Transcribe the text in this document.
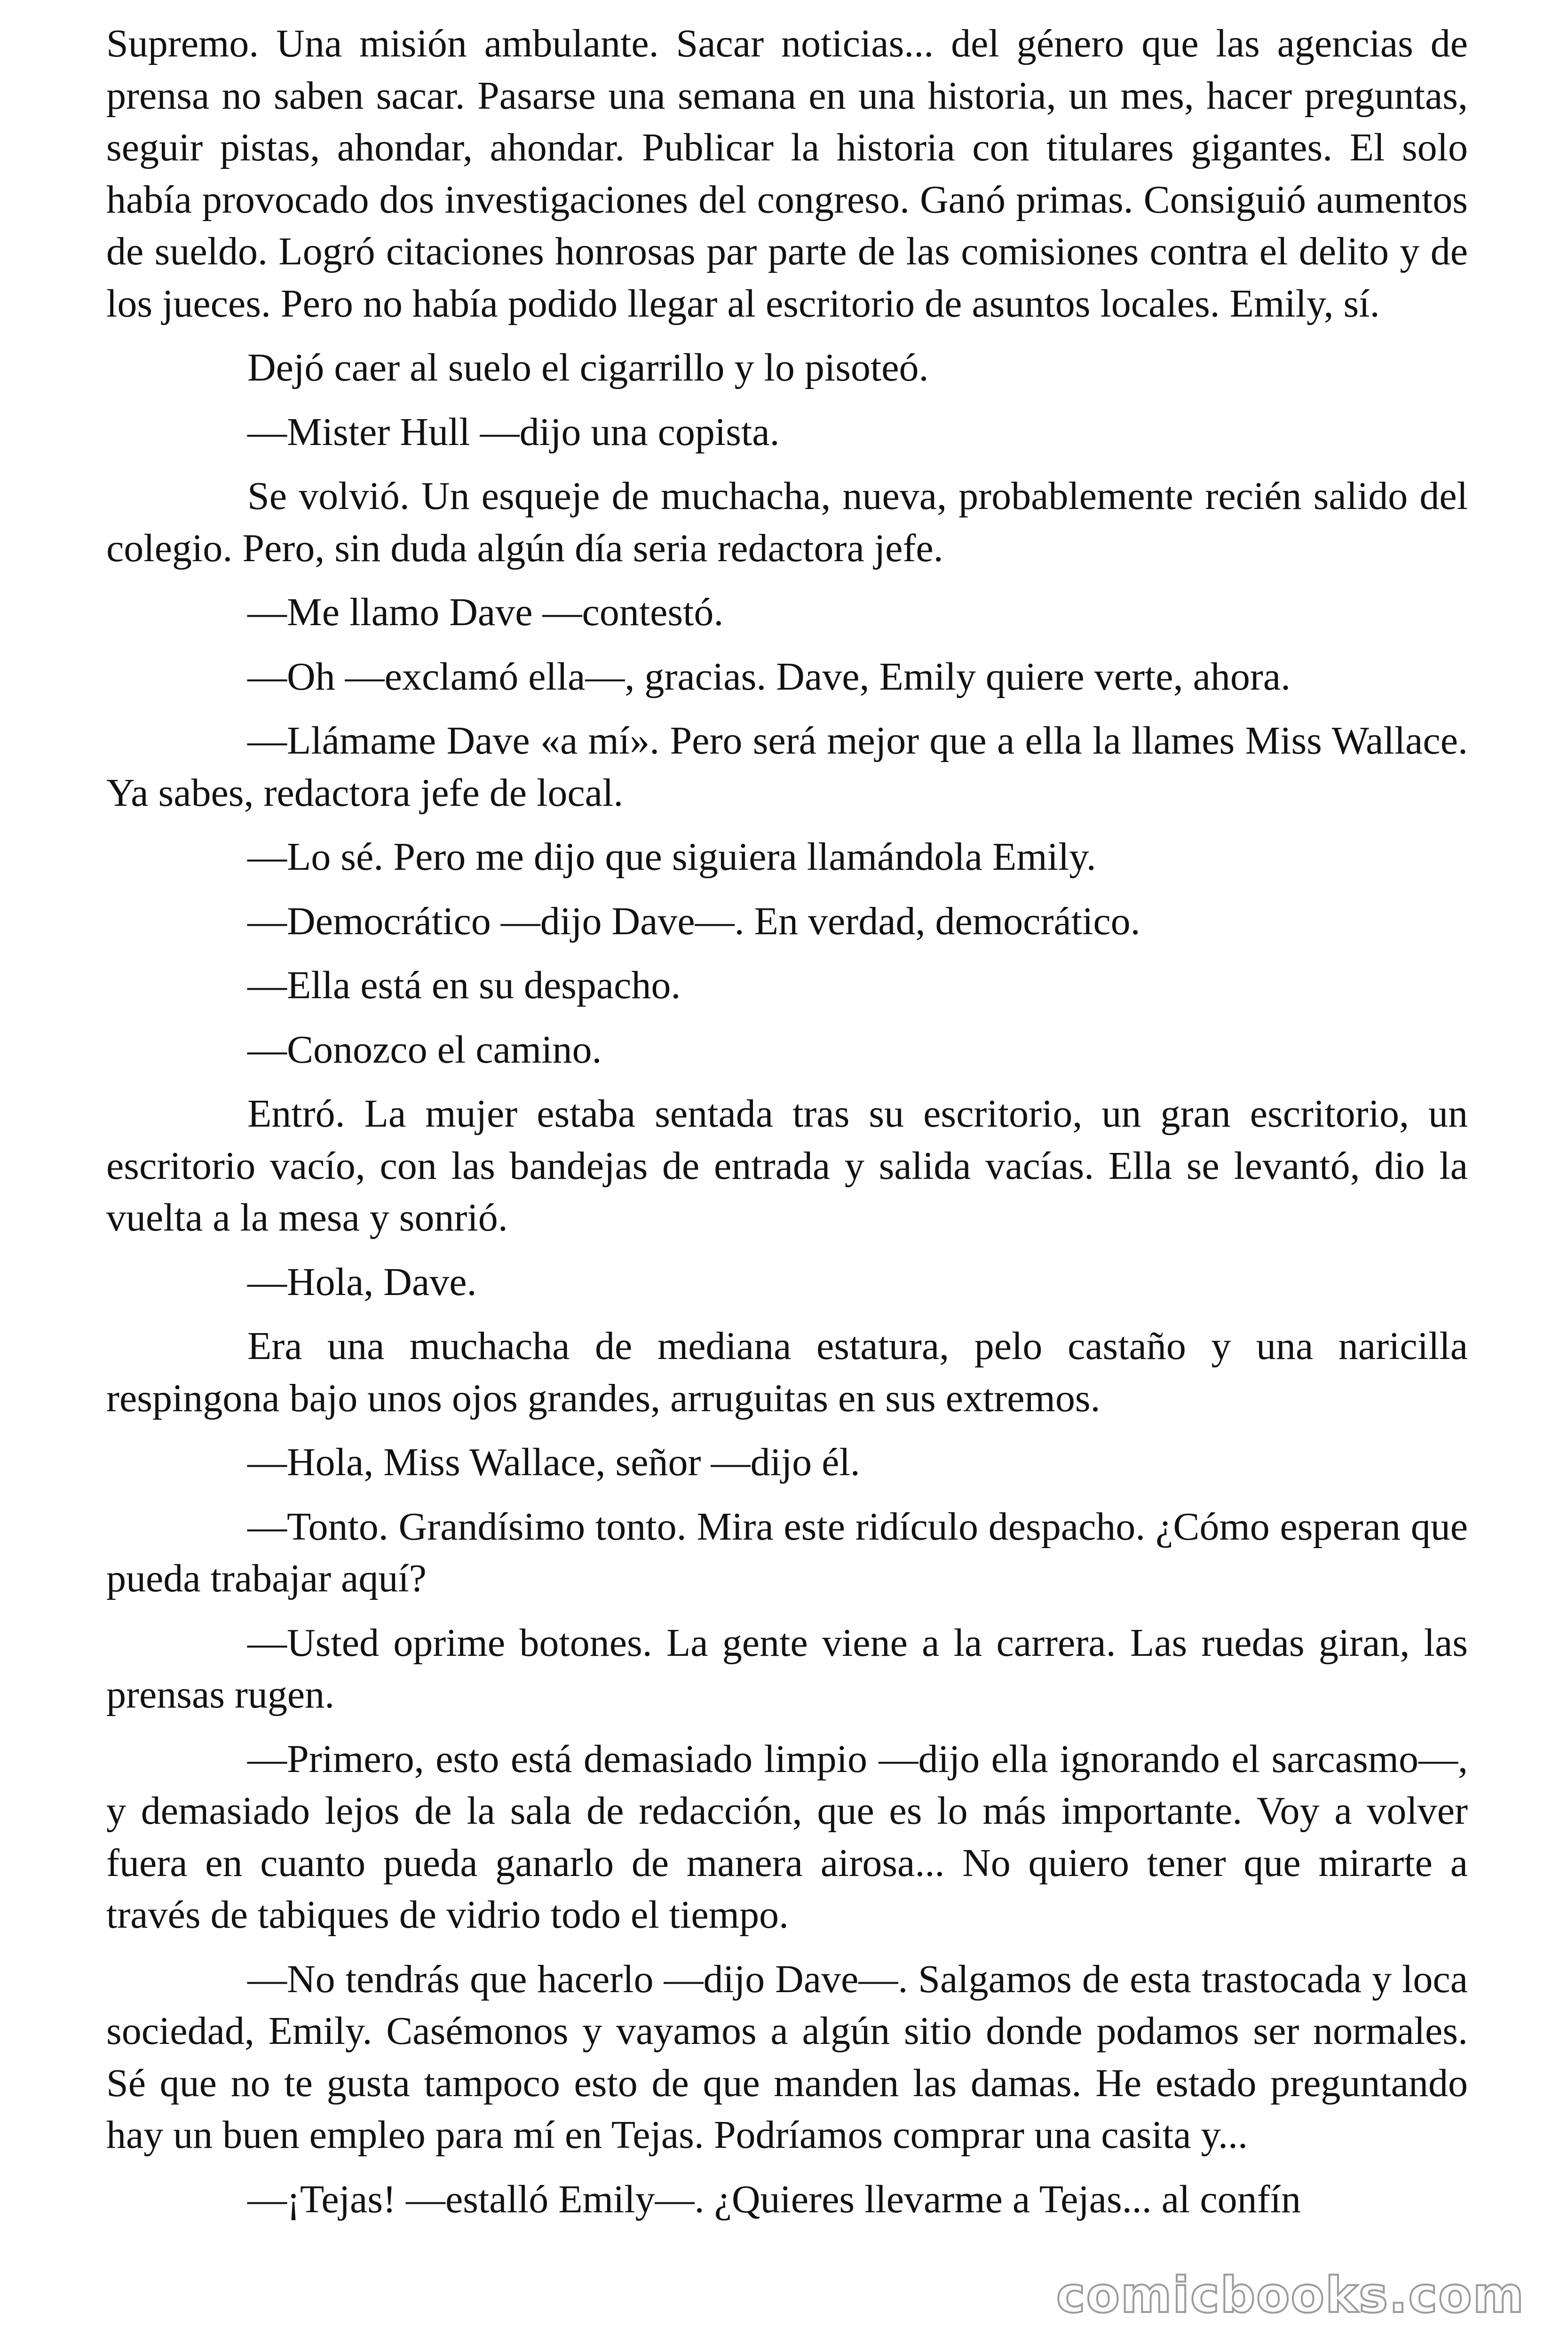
Supremo. Una misión ambulante. Sacar noticias... del género que las agencias de prensa no saben sacar. Pasarse una semana en una historia, un mes, hacer preguntas, seguir pistas, ahondar, ahondar. Publicar la historia con titulares gigantes. El solo había provocado dos investigaciones del congreso. Ganó primas. Consiguió aumentos de sueldo. Logró citaciones honrosas par parte de las comisiones contra el delito y de los jueces. Pero no había podido llegar al escritorio de asuntos locales. Emily, sí.

Dejó caer al suelo el cigarrillo y lo pisoteó.

—Mister Hull —dijo una copista.

Se volvió. Un esqueje de muchacha, nueva, probablemente recién salido del colegio. Pero, sin duda algún día seria redactora jefe.

—Me llamo Dave —contestó.

—Oh —exclamó ella—, gracias. Dave, Emily quiere verte, ahora.

—Llámame Dave «a mí». Pero será mejor que a ella la llames Miss Wallace. Ya sabes, redactora jefe de local.

—Lo sé. Pero me dijo que siguiera llamándola Emily.

—Democrático —dijo Dave—. En verdad, democrático.

—Ella está en su despacho.

—Conozco el camino.

Entró. La mujer estaba sentada tras su escritorio, un gran escritorio, un escritorio vacío, con las bandejas de entrada y salida vacías. Ella se levantó, dio la vuelta a la mesa y sonrió.

—Hola, Dave.

Era una muchacha de mediana estatura, pelo castaño y una naricilla respingona bajo unos ojos grandes, arruguitas en sus extremos.

—Hola, Miss Wallace, señor —dijo él.

—Tonto. Grandísimo tonto. Mira este ridículo despacho. ¿Cómo esperan que pueda trabajar aquí?

—Usted oprime botones. La gente viene a la carrera. Las ruedas giran, las prensas rugen.

—Primero, esto está demasiado limpio —dijo ella ignorando el sarcasmo—, y demasiado lejos de la sala de redacción, que es lo más importante. Voy a volver fuera en cuanto pueda ganarlo de manera airosa... No quiero tener que mirarte a través de tabiques de vidrio todo el tiempo.

—No tendrás que hacerlo —dijo Dave—. Salgamos de esta trastocada y loca sociedad, Emily. Casémonos y vayamos a algún sitio donde podamos ser normales. Sé que no te gusta tampoco esto de que manden las damas. He estado preguntando hay un buen empleo para mí en Tejas. Podríamos comprar una casita y...

—¡Tejas! —estalló Emily—. ¿Quieres llevarme a Tejas... al confín

comicbooks.com
